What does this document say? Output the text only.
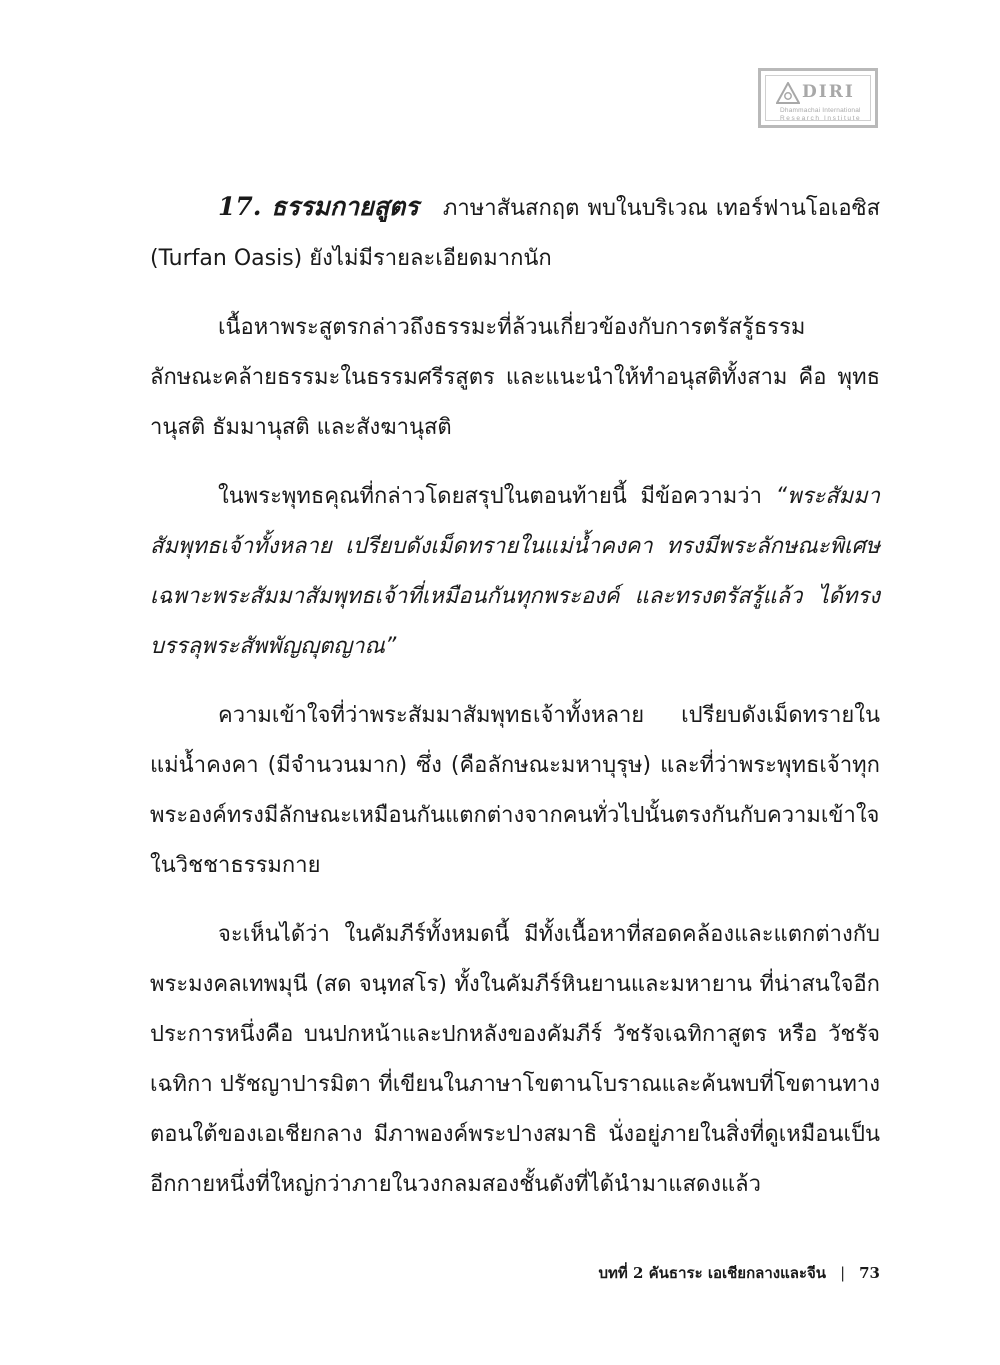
DIRI
Dhammachai International
Research Institute

17. ธรรมกายสูตร ภาษาสันสกฤต พบในบริเวณ เทอร์ฟานโอเอซิส (Turfan Oasis) ยังไม่มีรายละเอียดมากนัก

เนื้อหาพระสูตรกล่าวถึงธรรมะที่ล้วนเกี่ยวข้องกับการตรัสรู้ธรรม ลักษณะคล้ายธรรมะในธรรมศรีรสูตร และแนะนำให้ทำอนุสติทั้งสาม คือ พุทธานุสติ ธัมมานุสติ และสังฆานุสติ

ในพระพุทธคุณที่กล่าวโดยสรุปในตอนท้ายนี้ มีข้อความว่า “พระสัมมาสัมพุทธเจ้าทั้งหลาย เปรียบดังเม็ดทรายในแม่น้ำคงคา ทรงมีพระลักษณะพิเศษเฉพาะพระสัมมาสัมพุทธเจ้าที่เหมือนกันทุกพระองค์ และทรงตรัสรู้แล้ว ได้ทรงบรรลุพระสัพพัญญุตญาณ”

ความเข้าใจที่ว่าพระสัมมาสัมพุทธเจ้าทั้งหลาย เปรียบดังเม็ดทรายในแม่น้ำคงคา (มีจำนวนมาก) ซึ่ง (คือลักษณะมหาบุรุษ) และที่ว่าพระพุทธเจ้าทุกพระองค์ทรงมีลักษณะเหมือนกันแตกต่างจากคนทั่วไปนั้นตรงกันกับความเข้าใจในวิชชาธรรมกาย

จะเห็นได้ว่า ในคัมภีร์ทั้งหมดนี้ มีทั้งเนื้อหาที่สอดคล้องและแตกต่างกับพระมงคลเทพมุนี (สด จนฺทสโร) ทั้งในคัมภีร์หินยานและมหายาน ที่น่าสนใจอีกประการหนึ่งคือ บนปกหน้าและปกหลังของคัมภีร์ วัชรัจเฉทิกาสูตร หรือ วัชรัจเฉทิกา ปรัชญาปารมิตา ที่เขียนในภาษาโขตานโบราณและค้นพบที่โขตานทางตอนใต้ของเอเชียกลาง มีภาพองค์พระปางสมาธิ นั่งอยู่ภายในสิ่งที่ดูเหมือนเป็นอีกกายหนึ่งที่ใหญ่กว่าภายในวงกลมสองชั้นดังที่ได้นำมาแสดงแล้ว

บทที่ 2 คันธาระ เอเชียกลางและจีน | 73
